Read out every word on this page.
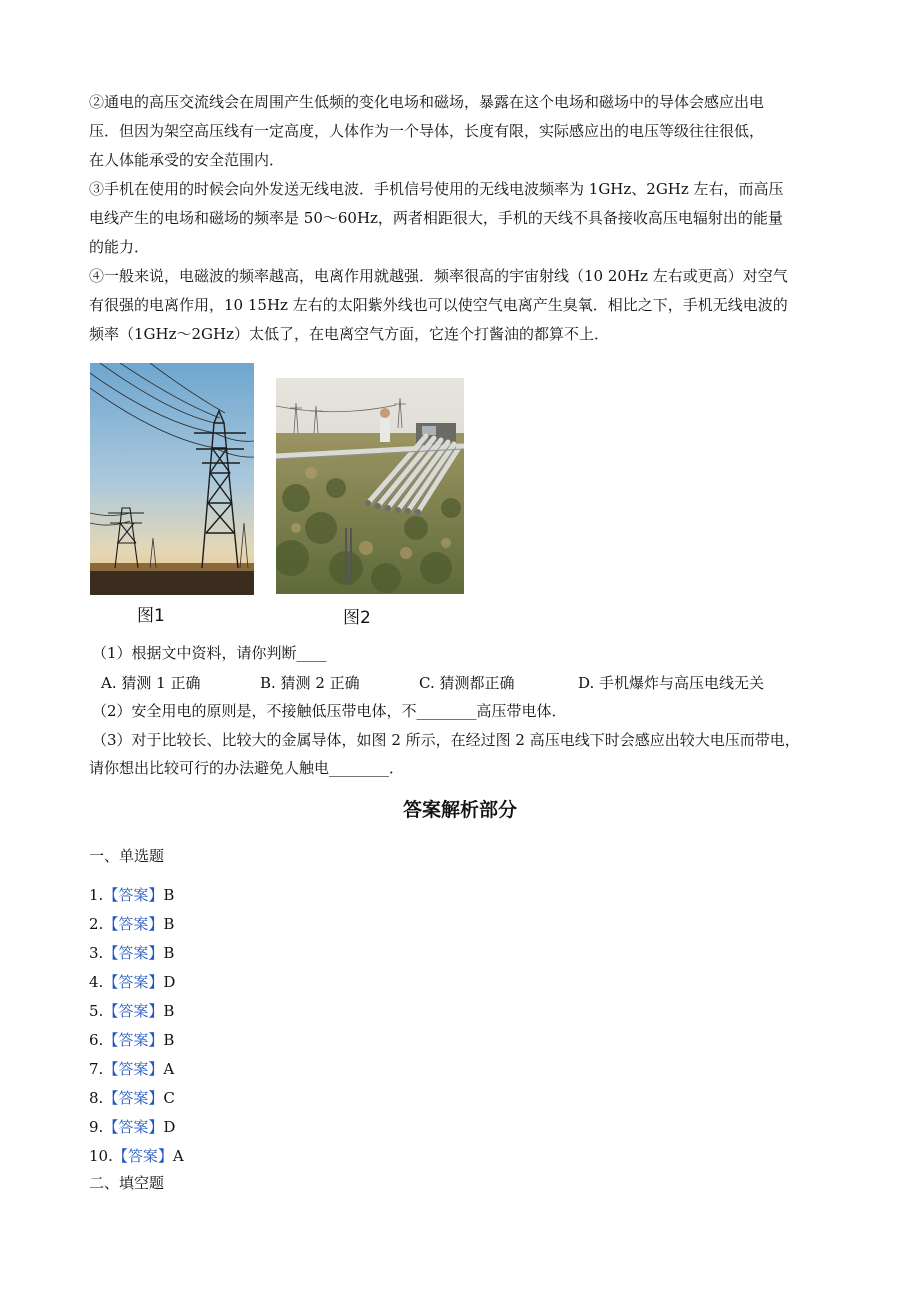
②通电的高压交流线会在周围产生低频的变化电场和磁场，暴露在这个电场和磁场中的导体会感应出电
压．但因为架空高压线有一定高度，人体作为一个导体，长度有限，实际感应出的电压等级往往很低，
在人体能承受的安全范围内．

③手机在使用的时候会向外发送无线电波．手机信号使用的无线电波频率为 1GHz、2GHz 左右，而高压
电线产生的电场和磁场的频率是 50～60Hz，两者相距很大，手机的天线不具备接收高压电辐射出的能量
的能力．

④一般来说，电磁波的频率越高，电离作用就越强．频率很高的宇宙射线（10 20Hz 左右或更高）对空气
有很强的电离作用，10 15Hz 左右的太阳紫外线也可以使空气电离产生臭氧．相比之下，手机无线电波的
频率（1GHz～2GHz）太低了，在电离空气方面，它连个打酱油的都算不上．

图1	图2
（1）根据文中资料，请你判断____
A. 猜测 1 正确	B. 猜测 2 正确	C. 猜测都正确	D. 手机爆炸与高压电线无关
（2）安全用电的原则是，不接触低压带电体，不________高压带电体．
（3）对于比较长、比较大的金属导体，如图 2 所示，在经过图 2 高压电线下时会感应出较大电压而带电，
请你想出比较可行的办法避免人触电________．
答案解析部分
一、单选题
1.【答案】B
2.【答案】B
3.【答案】B
4.【答案】D
5.【答案】B
6.【答案】B
7.【答案】A
8.【答案】C
9.【答案】D
10.【答案】A
二、填空题
